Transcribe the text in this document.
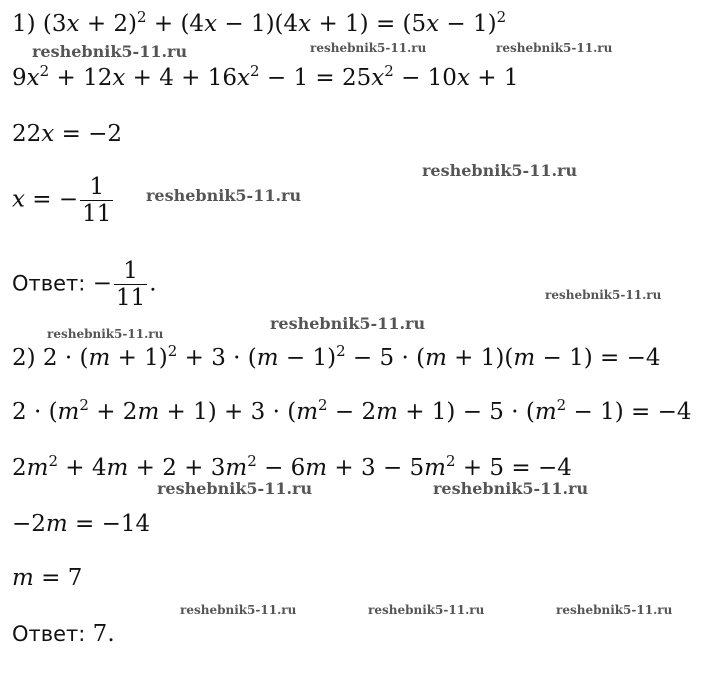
1) $(3x + 2)^2 + (4x - 1)(4x + 1) = (5x - 1)^2$
$9x^2 + 12x + 4 + 16x^2 - 1 = 25x^2 - 10x + 1$
22x = −2
x = − $\frac{1}{11}$
Ответ: − $\frac{1}{11}$ .
2) $2 \cdot (m + 1)^2 + 3 \cdot (m - 1)^2 - 5 \cdot (m + 1)(m - 1) = -4$
$2 \cdot (m^2 + 2m + 1) + 3 \cdot (m^2 - 2m + 1) - 5 \cdot (m^2 - 1) = -4$
$2m^2 + 4m + 2 + 3m^2 - 6m + 3 - 5m^2 + 5 = -4$
−2m = −14
m = 7
Ответ: 7.
reshebnik5-11.ru	reshebnik5-11.ru	reshebnik5-11.ru
reshebnik5-11.ru
reshebnik5-11.ru
reshebnik5-11.ru
reshebnik5-11.ru
reshebnik5-11.ru
reshebnik5-11.ru	reshebnik5-11.ru
reshebnik5-11.ru	reshebnik5-11.ru	reshebnik5-11.ru
